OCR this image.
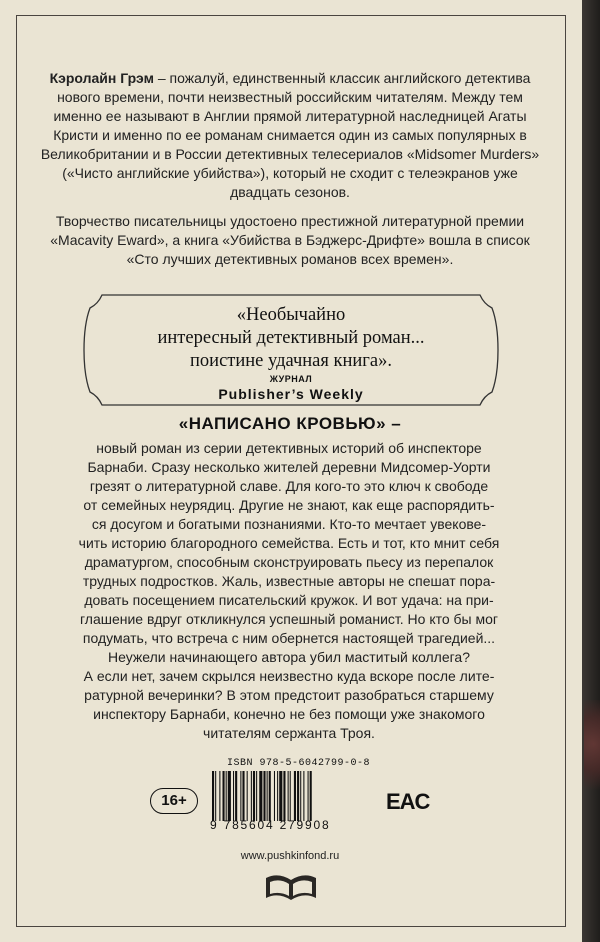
Кэролайн Грэм – пожалуй, единственный классик английского детектива нового времени, почти неизвестный российским читателям. Между тем именно ее называют в Англии прямой литературной наследницей Агаты Кристи и именно по ее романам снимается один из самых популярных в Великобритании и в России детективных телесериалов «Midsomer Murders» («Чисто английские убийства»), который не сходит с телеэкранов уже двадцать сезонов.

Творчество писательницы удостоено престижной литературной премии «Macavity Eward», а книга «Убийства в Бэджерс-Дрифте» вошла в список «Сто лучших детективных романов всех времен».

«Необычайно
интересный детективный роман...
поистине удачная книга».
ЖУРНАЛ
Publisher’s Weekly
«НАПИСАНО КРОВЬЮ» –
новый роман из серии детективных историй об инспекторе
Барнаби. Сразу несколько жителей деревни Мидсомер-Уорти
грезят о литературной славе. Для кого-то это ключ к свободе
от семейных неурядиц. Другие не знают, как еще распорядить-
ся досугом и богатыми познаниями. Кто-то мечтает увекове-
чить историю благородного семейства. Есть и тот, кто мнит себя
драматургом, способным сконструировать пьесу из перепалок
трудных подростков. Жаль, известные авторы не спешат пора-
довать посещением писательский кружок. И вот удача: на при-
глашение вдруг откликнулся успешный романист. Но кто бы мог
подумать, что встреча с ним обернется настоящей трагедией...
Неужели начинающего автора убил маститый коллега?
А если нет, зачем скрылся неизвестно куда вскоре после лите-
ратурной вечеринки? В этом предстоит разобраться старшему
инспектору Барнаби, конечно не без помощи уже знакомого
читателям сержанта Троя.
16+
ISBN 978-5-6042799-0-8
9 785604 279908
EAC
www.pushkinfond.ru
